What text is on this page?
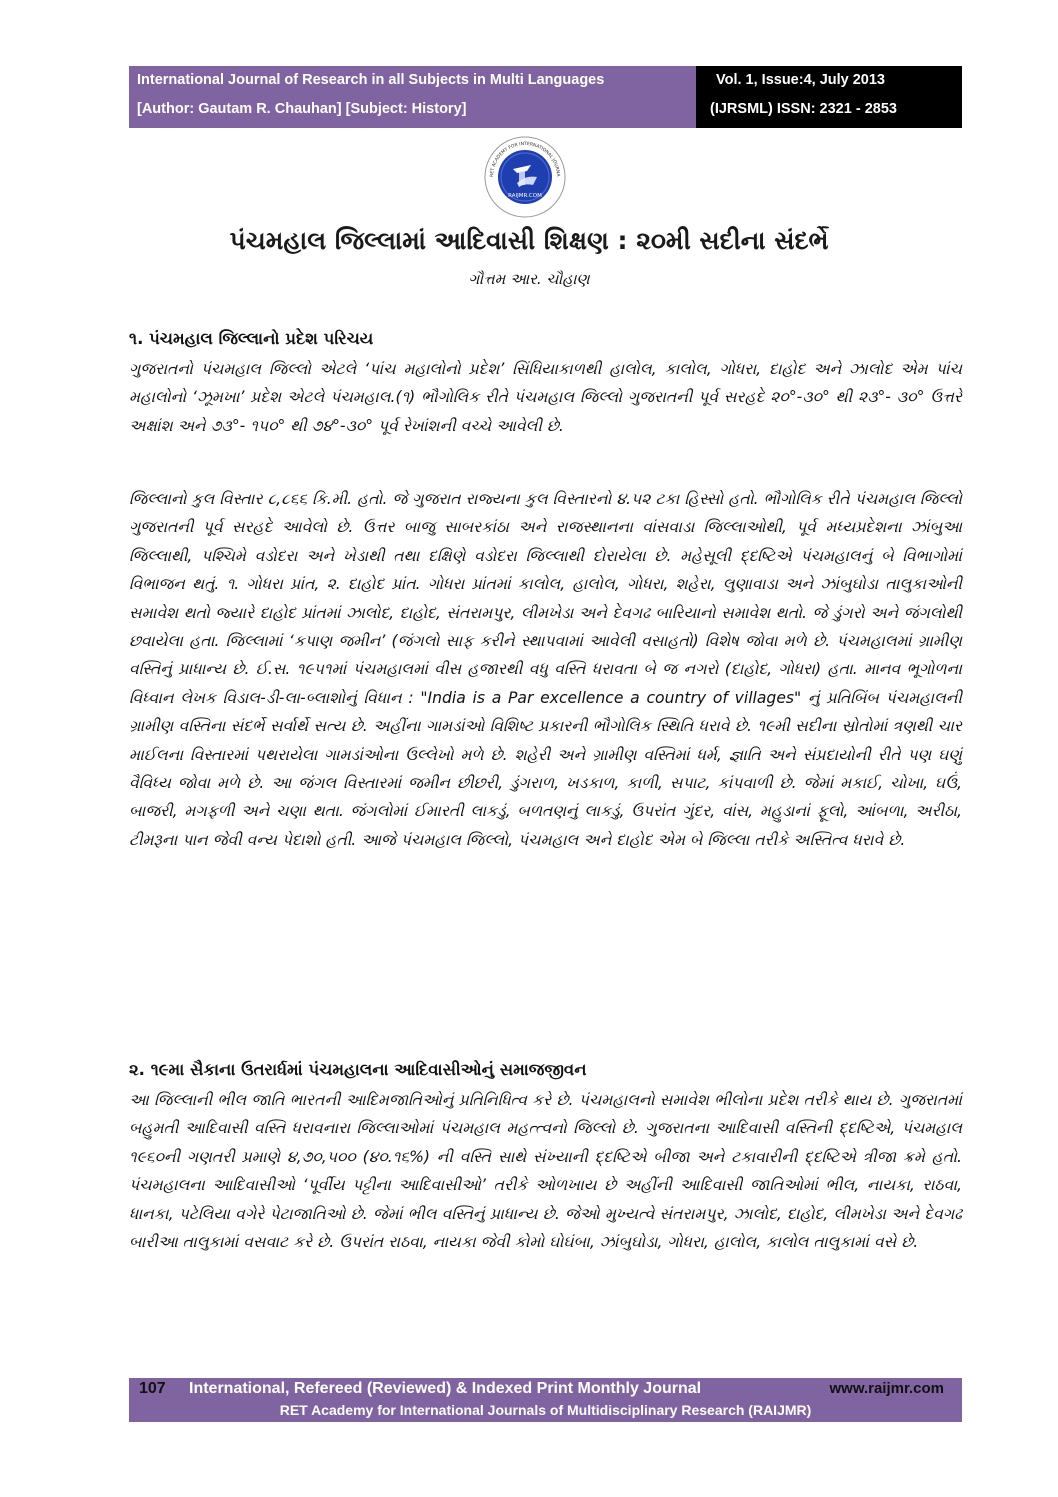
International Journal of Research in all Subjects in Multi Languages
[Author: Gautam R. Chauhan] [Subject: History]
Vol. 1, Issue:4, July 2013
(IJRSML) ISSN: 2321 - 2853
RAIJMR.COM
RET ACADEMY FOR INTERNATIONAL JOURNA
પંચમહાલ જિલ્લામાં આદિવાસી શિક્ષણ : ૨૦મી સદીના સંદર્ભે
ગૌત્તમ આર. ચૌહાણ
૧. પંચમહાલ જિલ્લાનો પ્રદેશ પરિચય
ગુજરાતનો પંચમહાલ જિલ્લો એટલે ‘પાંચ મહાલોનો પ્રદેશ’ સિંધિયાકાળથી હાલોલ, કાલોલ, ગોધરા, દાહોદ અને ઝાલોદ એમ પાંચ મહાલોનો ‘ઝૂમખા’ પ્રદેશ એટલે પંચમહાલ.(૧) ભૌગોલિક રીતે પંચમહાલ જિલ્લો ગુજરાતની પૂર્વ સરહદે ૨૦°-૩૦° થી ૨૩°- ૩૦° ઉત્તરે અક્ષાંશ અને ૭૩°- ૧૫૦° થી ૭૪°-૩૦° પૂર્વ રેખાંશની વચ્ચે આવેલી છે.
જિલ્લાનો કુલ વિસ્તાર ૮,૮૬૬ કિ.મી. હતો. જે ગુજરાત રાજ્યના કુલ વિસ્તારનો ૪.૫૨ ટકા હિસ્સો હતો. ભૌગોલિક રીતે પંચમહાલ જિલ્લો ગુજરાતની પૂર્વ સરહદે આવેલો છે. ઉત્તર બાજુ સાબરકાંઠા અને રાજસ્થાનના વાંસવાડા જિલ્લાઓથી, પૂર્વ મધ્યપ્રદેશના ઝાંબુઆ જિલ્લાથી, પશ્ચિમે વડોદરા અને ખેડાથી તથા દક્ષિણે વડોદરા જિલ્લાથી દોરાયેલા છે. મહેસૂલી દ્દષ્ટિએ પંચમહાલનું બે વિભાગોમાં વિભાજન થતું. ૧. ગોધરા પ્રાંત, ૨. દાહોદ પ્રાંત. ગોધરા પ્રાંતમાં કાલોલ, હાલોલ, ગોધરા, શહેરા, લુણાવાડા અને ઝાંબુઘોડા તાલુકાઓની સમાવેશ થતો જ્યારે દાહોદ પ્રાંતમાં ઝાલોદ, દાહોદ, સંતરામપુર, લીમખેડા અને દેવગઢ બારિયાનો સમાવેશ થતો. જે ડુંગરો અને જંગલોથી છવાયેલા હતા. જિલ્લામાં ‘કપાણ જમીન’ (જંગલો સાફ કરીને સ્થાપવામાં આવેલી વસાહતો) વિશેષ જોવા મળે છે. પંચમહાલમાં ગ્રામીણ વસ્તિનું પ્રાધાન્ય છે. ઈ.સ. ૧૯૫૧માં પંચમહાલમાં વીસ હજારથી વધુ વસ્તિ ધરાવતા બે જ નગરો (દાહોદ, ગોધરા) હતા. માનવ ભૂગોળના વિધ્વાન લેખક વિડાલ-ડી-લા-બ્લાશોનું વિધાન : "India is a Par excellence a country of villages" નું પ્રતિબિંબ પંચમહાલની ગ્રામીણ વસ્તિના સંદર્ભે સર્વાર્થે સત્ય છે. અહીંના ગામડાંઓ વિશિષ્ટ પ્રકારની ભૌગોલિક સ્થિતિ ધરાવે છે. ૧૯મી સદીના સ્રોતોમાં ત્રણથી ચાર માઈલના વિસ્તારમાં પથરાયેલા ગામડાંઓના ઉલ્લેખો મળે છે. શહેરી અને ગ્રામીણ વસ્તિમાં ધર્મ, જ્ઞાતિ અને સંપ્રદાયોની રીતે પણ ઘણું વૈવિધ્ય જોવા મળે છે. આ જંગલ વિસ્તારમાં જમીન છીછરી, ડુંગરાળ, ખડકાળ, કાળી, સપાટ, કાંપવાળી છે. જેમાં મકાઈ, ચોખા, ઘઉં, બાજરી, મગફળી અને ચણા થતા. જંગલોમાં ઈમારતી લાકડું, બળતણનું લાકડું, ઉપરાંત ગુંદર, વાંસ, મહુડાનાં ફૂલો, આંબળા, અરીઠા, ટીમરૂના પાન જેવી વન્ય પેદાશો હતી. આજે પંચમહાલ જિલ્લો, પંચમહાલ અને દાહોદ એમ બે જિલ્લા તરીકે અસ્તિત્વ ધરાવે છે.
૨. ૧૯મા સૈકાના ઉતરાર્ધમાં પંચમહાલના આદિવાસીઓનું સમાજજીવન
આ જિલ્લાની ભીલ જાતિ ભારતની આદિમજાતિઓનું પ્રતિનિધિત્વ કરે છે. પંચમહાલનો સમાવેશ ભીલોના પ્રદેશ તરીકે થાય છે. ગુજરાતમાં બહુમતી આદિવાસી વસ્તિ ધરાવનારા જિલ્લાઓમાં પંચમહાલ મહત્ત્વનો જિલ્લો છે. ગુજરાતના આદિવાસી વસ્તિની દ્દષ્ટિએ, પંચમહાલ ૧૯૬૦ની ગણતરી પ્રમાણે ૪,૭૦,૫૦૦ (૪૦.૧૬%) ની વસ્તિ સાથે સંખ્યાની દ્દષ્ટિએ બીજા અને ટકાવારીની દ્દષ્ટિએ ત્રીજા ક્રમે હતો. પંચમહાલના આદિવાસીઓ ‘પૂર્વીય પટ્ટીના આદિવાસીઓ’ તરીકે ઓળખાય છે અહીંની આદિવાસી જાતિઓમાં ભીલ, નાયકા, રાઠવા, ધાનકા, પટેલિયા વગેરે પેટાજાતિઓ છે. જેમાં ભીલ વસ્તિનું પ્રાધાન્ય છે. જેઓ મુખ્યત્વે સંતરામપુર, ઝાલોદ, દાહોદ, લીમખેડા અને દેવગઢ બારીઆ તાલુકામાં વસવાટ કરે છે. ઉપરાંત રાઠવા, નાયકા જેવી કોમો ઘોઘંબા, ઝાંબુઘોડા, ગોધરા, હાલોલ, કાલોલ તાલુકામાં વસે છે.
107 International, Refereed (Reviewed) & Indexed Print Monthly Journal	www.raijmr.com
RET Academy for International Journals of Multidisciplinary Research (RAIJMR)
